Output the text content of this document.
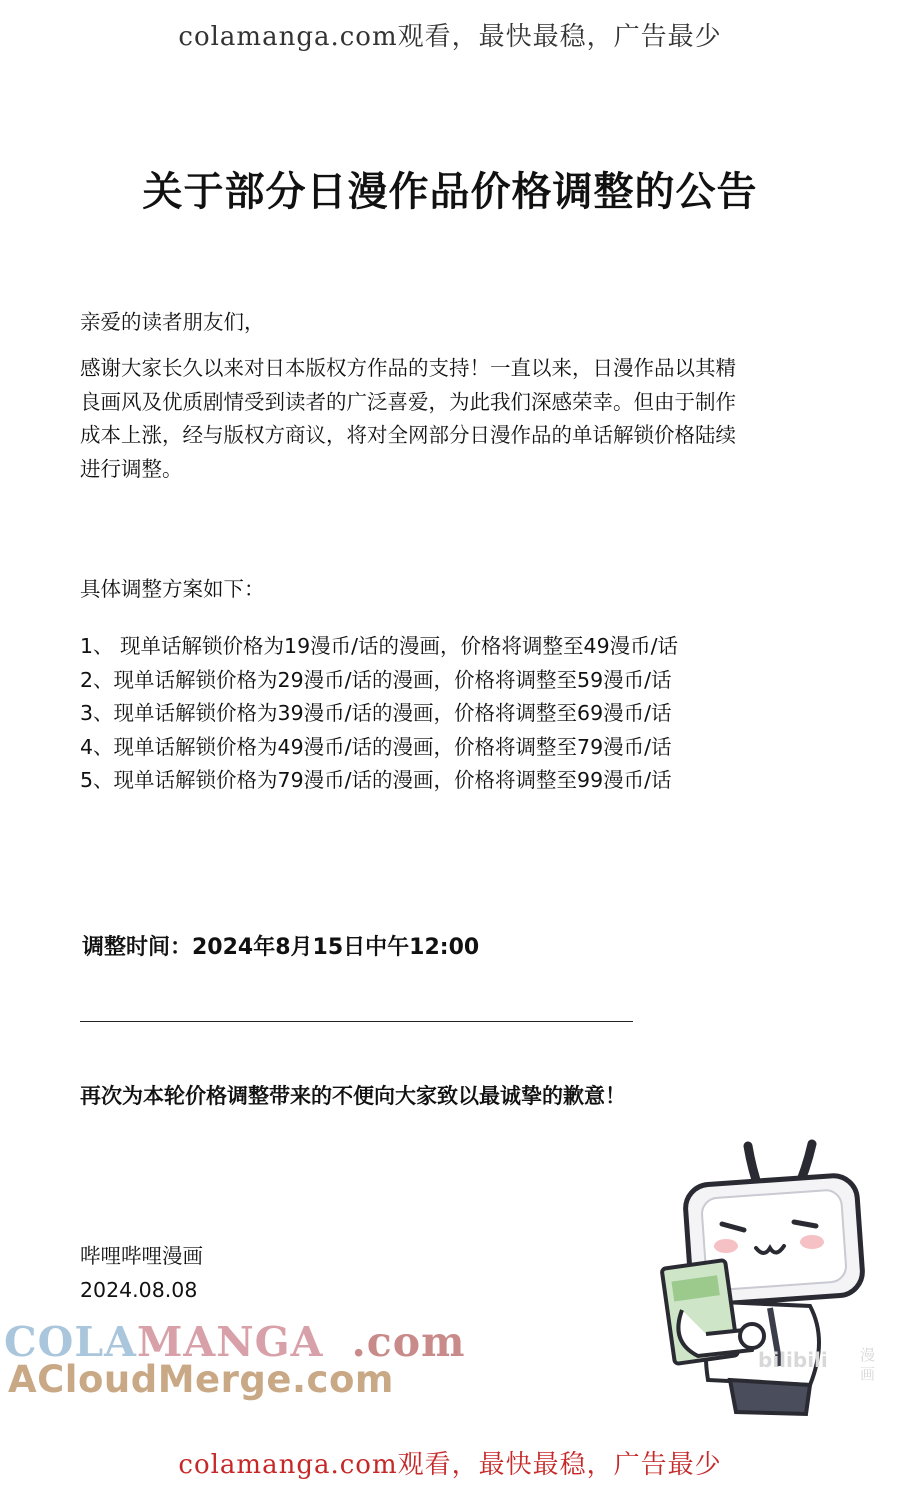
colamanga.com观看，最快最稳，广告最少
关于部分日漫作品价格调整的公告
亲爱的读者朋友们，
感谢大家长久以来对日本版权方作品的支持！一直以来，日漫作品以其精
良画风及优质剧情受到读者的广泛喜爱，为此我们深感荣幸。但由于制作
成本上涨，经与版权方商议，将对全网部分日漫作品的单话解锁价格陆续
进行调整。
具体调整方案如下：
1、 现单话解锁价格为19漫币/话的漫画，价格将调整至49漫币/话
2、现单话解锁价格为29漫币/话的漫画，价格将调整至59漫币/话
3、现单话解锁价格为39漫币/话的漫画，价格将调整至69漫币/话
4、现单话解锁价格为49漫币/话的漫画，价格将调整至79漫币/话
5、现单话解锁价格为79漫币/话的漫画，价格将调整至99漫币/话
调整时间：2024年8月15日中午12:00
再次为本轮价格调整带来的不便向大家致以最诚挚的歉意！
哔哩哔哩漫画
2024.08.08
COLAMANGA .com
ACloudMerge.com	bilibili 漫画
colamanga.com观看，最快最稳，广告最少
